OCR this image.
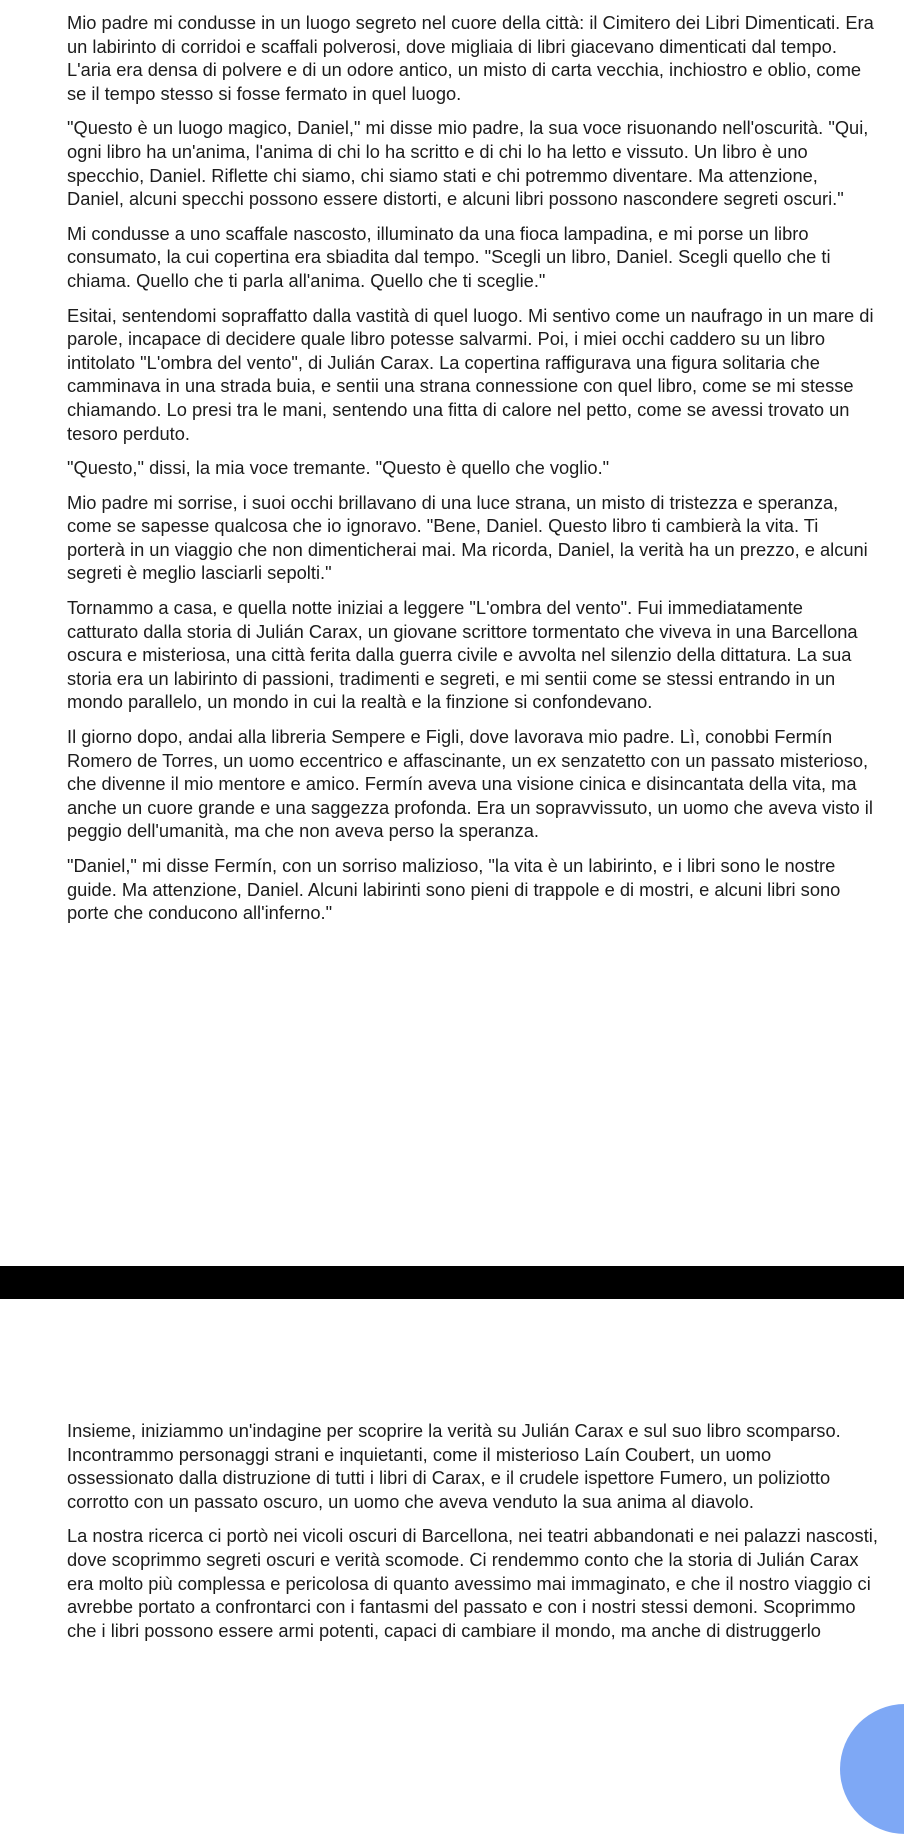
Mio padre mi condusse in un luogo segreto nel cuore della città: il Cimitero dei Libri Dimenticati. Era un labirinto di corridoi e scaffali polverosi, dove migliaia di libri giacevano dimenticati dal tempo. L'aria era densa di polvere e di un odore antico, un misto di carta vecchia, inchiostro e oblio, come se il tempo stesso si fosse fermato in quel luogo.

"Questo è un luogo magico, Daniel," mi disse mio padre, la sua voce risuonando nell'oscurità. "Qui, ogni libro ha un'anima, l'anima di chi lo ha scritto e di chi lo ha letto e vissuto. Un libro è uno specchio, Daniel. Riflette chi siamo, chi siamo stati e chi potremmo diventare. Ma attenzione, Daniel, alcuni specchi possono essere distorti, e alcuni libri possono nascondere segreti oscuri."

Mi condusse a uno scaffale nascosto, illuminato da una fioca lampadina, e mi porse un libro consumato, la cui copertina era sbiadita dal tempo. "Scegli un libro, Daniel. Scegli quello che ti chiama. Quello che ti parla all'anima. Quello che ti sceglie."

Esitai, sentendomi sopraffatto dalla vastità di quel luogo. Mi sentivo come un naufrago in un mare di parole, incapace di decidere quale libro potesse salvarmi. Poi, i miei occhi caddero su un libro intitolato "L'ombra del vento", di Julián Carax. La copertina raffigurava una figura solitaria che camminava in una strada buia, e sentii una strana connessione con quel libro, come se mi stesse chiamando. Lo presi tra le mani, sentendo una fitta di calore nel petto, come se avessi trovato un tesoro perduto.

"Questo," dissi, la mia voce tremante. "Questo è quello che voglio."

Mio padre mi sorrise, i suoi occhi brillavano di una luce strana, un misto di tristezza e speranza, come se sapesse qualcosa che io ignoravo. "Bene, Daniel. Questo libro ti cambierà la vita. Ti porterà in un viaggio che non dimenticherai mai. Ma ricorda, Daniel, la verità ha un prezzo, e alcuni segreti è meglio lasciarli sepolti."

Tornammo a casa, e quella notte iniziai a leggere "L'ombra del vento". Fui immediatamente catturato dalla storia di Julián Carax, un giovane scrittore tormentato che viveva in una Barcellona oscura e misteriosa, una città ferita dalla guerra civile e avvolta nel silenzio della dittatura. La sua storia era un labirinto di passioni, tradimenti e segreti, e mi sentii come se stessi entrando in un mondo parallelo, un mondo in cui la realtà e la finzione si confondevano.

Il giorno dopo, andai alla libreria Sempere e Figli, dove lavorava mio padre. Lì, conobbi Fermín Romero de Torres, un uomo eccentrico e affascinante, un ex senzatetto con un passato misterioso, che divenne il mio mentore e amico. Fermín aveva una visione cinica e disincantata della vita, ma anche un cuore grande e una saggezza profonda. Era un sopravvissuto, un uomo che aveva visto il peggio dell'umanità, ma che non aveva perso la speranza.

"Daniel," mi disse Fermín, con un sorriso malizioso, "la vita è un labirinto, e i libri sono le nostre guide. Ma attenzione, Daniel. Alcuni labirinti sono pieni di trappole e di mostri, e alcuni libri sono porte che conducono all'inferno."

Insieme, iniziammo un'indagine per scoprire la verità su Julián Carax e sul suo libro scomparso. Incontrammo personaggi strani e inquietanti, come il misterioso Laín Coubert, un uomo ossessionato dalla distruzione di tutti i libri di Carax, e il crudele ispettore Fumero, un poliziotto corrotto con un passato oscuro, un uomo che aveva venduto la sua anima al diavolo.

La nostra ricerca ci portò nei vicoli oscuri di Barcellona, nei teatri abbandonati e nei palazzi nascosti, dove scoprimmo segreti oscuri e verità scomode. Ci rendemmo conto che la storia di Julián Carax era molto più complessa e pericolosa di quanto avessimo mai immaginato, e che il nostro viaggio ci avrebbe portato a confrontarci con i fantasmi del passato e con i nostri stessi demoni. Scoprimmo che i libri possono essere armi potenti, capaci di cambiare il mondo, ma anche di distruggerlo
